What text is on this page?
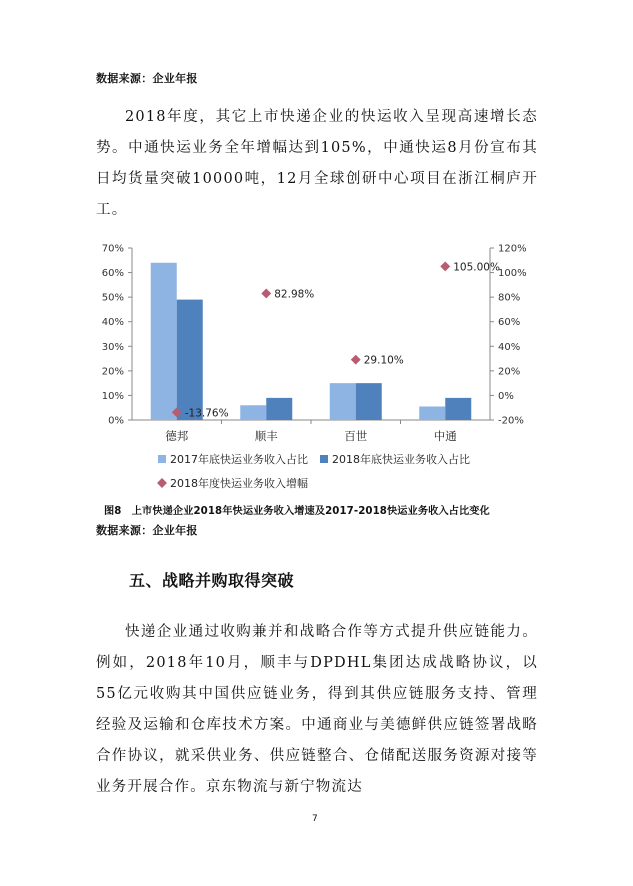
数据来源：企业年报

2018年度，其它上市快递企业的快运收入呈现高速增长态势。中通快运业务全年增幅达到105%，中通快运8月份宣布其日均货量突破10000吨，12月全球创研中心项目在浙江桐庐开工。

0%
10%
20%
30%
40%
50%
60%
70%
-20%
0%
20%
40%
60%
80%
100%
120%
德邦
-13.76%
顺丰
82.98%
百世
29.10%
中通
105.00%
2017年底快运业务收入占比 2018年底快运业务收入占比
2018年度快运业务收入增幅
图8　上市快递企业2018年快运业务收入增速及2017-2018快运业务收入占比变化
数据来源：企业年报
五、战略并购取得突破

快递企业通过收购兼并和战略合作等方式提升供应链能力。例如，2018年10月，顺丰与DPDHL集团达成战略协议，以55亿元收购其中国供应链业务，得到其供应链服务支持、管理经验及运输和仓库技术方案。中通商业与美德鲜供应链签署战略合作协议，就采供业务、供应链整合、仓储配送服务资源对接等业务开展合作。京东物流与新宁物流达

7
